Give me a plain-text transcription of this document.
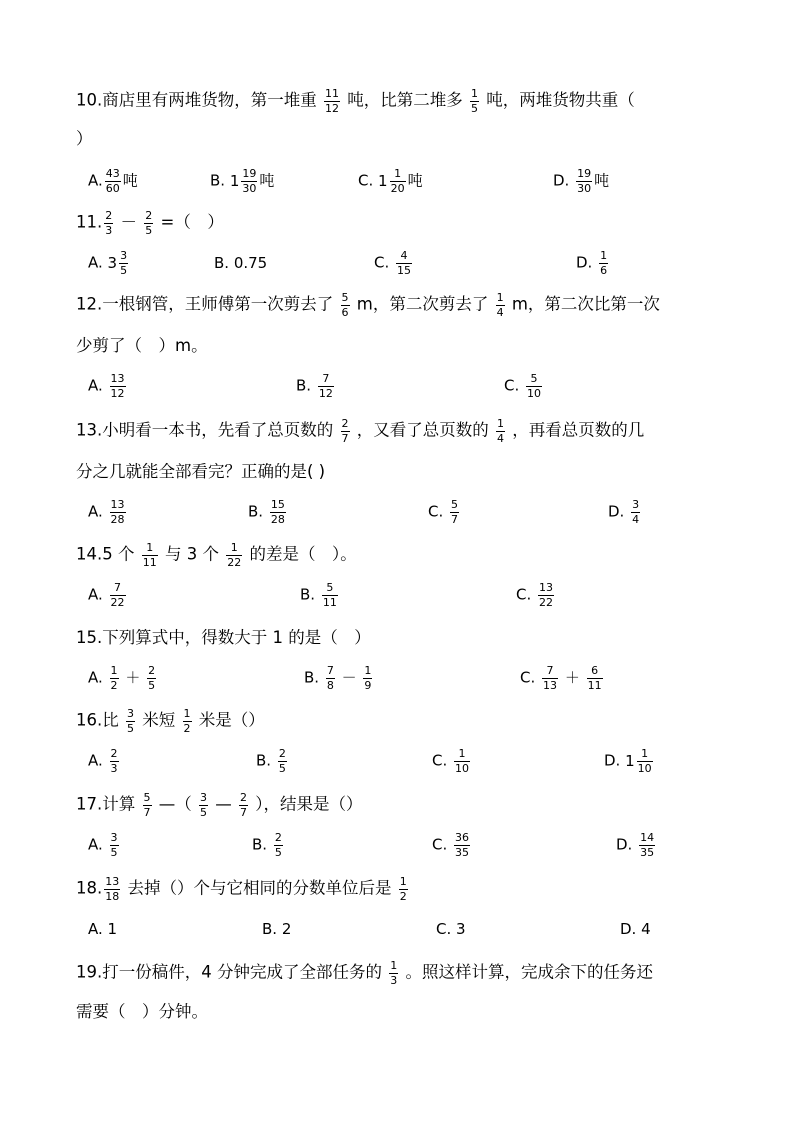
10.商店里有两堆货物，第一堆重 $\frac{11}{12}$ 吨，比第二堆多 $\frac{1}{5}$ 吨，两堆货物共重（
）
A. $\frac{43}{60}$ 吨	B. $1 \frac{19}{30}$ 吨	C. $1 \frac{1}{20}$ 吨	D. $\frac{19}{30}$ 吨
11. $\frac{2}{3} - \frac{2}{5}$ =（　）
A. $3 \frac{3}{5}$	B. 0.75	C. $\frac{4}{15}$	D. $\frac{1}{6}$
12.一根钢管，王师傅第一次剪去了 $\frac{5}{6}$ m，第二次剪去了 $\frac{1}{4}$ m，第二次比第一次
少剪了（　）m。
A. $\frac{13}{12}$	B. $\frac{7}{12}$	C. $\frac{5}{10}$
13.小明看一本书，先看了总页数的 $\frac{2}{7}$ ，又看了总页数的 $\frac{1}{4}$ ，再看总页数的几
分之几就能全部看完？正确的是( )
A. $\frac{13}{28}$	B. $\frac{15}{28}$	C. $\frac{5}{7}$	D. $\frac{3}{4}$
14.5 个 $\frac{1}{11}$ 与 3 个 $\frac{1}{22}$ 的差是（　）。
A. $\frac{7}{22}$	B. $\frac{5}{11}$	C. $\frac{13}{22}$
15.下列算式中，得数大于 1 的是（　）
A. $\frac{1}{2} + \frac{2}{5}$	B. $\frac{7}{8} - \frac{1}{9}$	C. $\frac{7}{13} + \frac{6}{11}$
16.比 $\frac{3}{5}$ 米短 $\frac{1}{2}$ 米是（）
A. $\frac{2}{3}$	B. $\frac{2}{5}$	C. $\frac{1}{10}$	D. $1 \frac{1}{10}$
17.计算 $\frac{5}{7}$ —（ $\frac{3}{5}$ — $\frac{2}{7}$ ），结果是（）
A. $\frac{3}{5}$	B. $\frac{2}{5}$	C. $\frac{36}{35}$	D. $\frac{14}{35}$
18. $\frac{13}{18}$ 去掉（）个与它相同的分数单位后是 $\frac{1}{2}$
A. 1	B. 2	C. 3	D. 4
19.打一份稿件，4 分钟完成了全部任务的 $\frac{1}{3}$ 。照这样计算，完成余下的任务还
需要（　）分钟。
